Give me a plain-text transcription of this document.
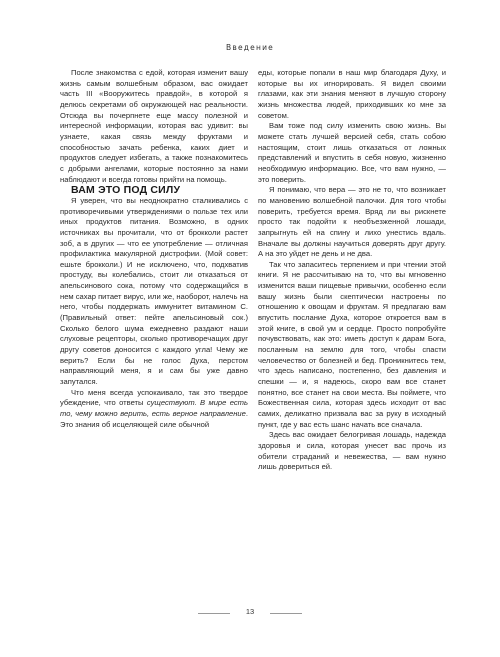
Введение

После знакомства с едой, которая изменит вашу жизнь самым волшебным образом, вас ожидает часть III «Вооружитесь правдой», в которой я делюсь секретами об окружающей нас реальности. Отсюда вы почерпнете еще массу полезной и интересной информации, которая вас удивит: вы узнаете, какая связь между фруктами и способностью зачать ребенка, каких диет и продуктов следует избегать, а также познакомитесь с добрыми ангелами, которые постоянно за нами наблюдают и всегда готовы прийти на помощь.

ВАМ ЭТО ПОД СИЛУ

Я уверен, что вы неоднократно сталкивались с противоречивыми утверждениями о пользе тех или иных продуктов питания. Возможно, в одних источниках вы прочитали, что от брокколи растет зоб, а в других — что ее употребление — отличная профилактика макулярной дистрофии. (Мой совет: ешьте брокколи.) И не исключено, что, подхватив простуду, вы колебались, стоит ли отказаться от апельсинового сока, потому что содержащийся в нем сахар питает вирус, или же, наоборот, налечь на него, чтобы поддержать иммунитет витамином C. (Правильный ответ: пейте апельсиновый сок.) Сколько белого шума ежедневно раздают наши слуховые рецепторы, сколько противоречащих друг другу советов доносится с каждого угла! Чему же верить? Если бы не голос Духа, перстом направляющий меня, я и сам бы уже давно запутался.

Что меня всегда успокаивало, так это твердое убеждение, что ответы существуют. В мире есть то, чему можно верить, есть верное направление. Это знания об исцеляющей силе обычной

еды, которые попали в наш мир благодаря Духу, и которые вы их игнорировать. Я видел своими глазами, как эти знания меняют в лучшую сторону жизнь множества людей, приходивших ко мне за советом.

Вам тоже под силу изменить свою жизнь. Вы можете стать лучшей версией себя, стать собою настоящим, стоит лишь отказаться от ложных представлений и впустить в себя новую, жизненно необходимую информацию. Все, что вам нужно, — это поверить.

Я понимаю, что вера — это не то, что возникает по мановению волшебной палочки. Для того чтобы поверить, требуется время. Вряд ли вы рискнете просто так подойти к необъезженной лошади, запрыгнуть ей на спину и лихо унестись вдаль. Вначале вы должны научиться доверять друг другу. А на это уйдет не день и не два.

Так что запаситесь терпением и при чтении этой книги. Я не рассчитываю на то, что вы мгновенно изменится ваши пищевые привычки, особенно если вашу жизнь были скептически настроены по отношению к овощам и фруктам. Я предлагаю вам впустить послание Духа, которое откроется вам в этой книге, в свой ум и сердце. Просто попробуйте почувствовать, как это: иметь доступ к дарам Бога, посланным на землю для того, чтобы спасти человечество от болезней и бед. Проникнитесь тем, что здесь написано, постепенно, без давления и спешки — и, я надеюсь, скоро вам все станет понятно, все станет на свои места. Вы поймете, что Божественная сила, которая здесь исходит от вас самих, деликатно призвала вас за руку в исходный пункт, где у вас есть шанс начать все сначала.

Здесь вас ожидает белогривая лошадь, надежда здоровья и сила, которая унесет вас прочь из обители страданий и невежества, — вам нужно лишь довериться ей.

13
